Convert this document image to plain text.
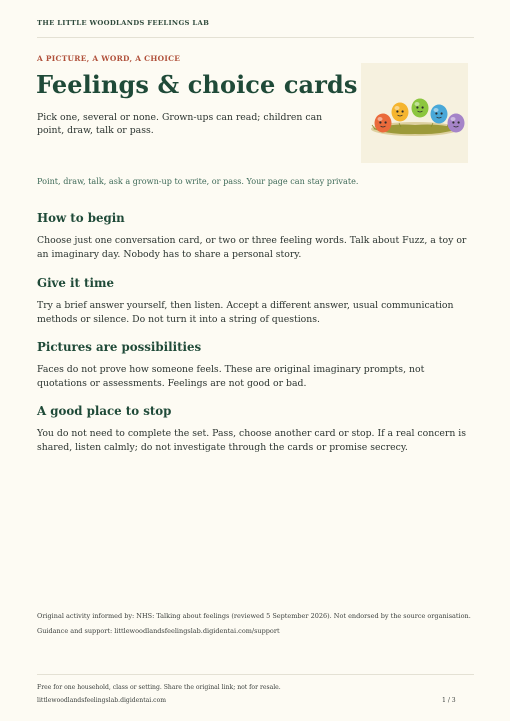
THE LITTLE WOODLANDS FEELINGS LAB
A PICTURE, A WORD, A CHOICE
Feelings & choice cards

Pick one, several or none. Grown-ups can read; children can point, draw, talk or pass.

Point, draw, talk, ask a grown-up to write, or pass. Your page can stay private.

How to begin

Choose just one conversation card, or two or three feeling words. Talk about Fuzz, a toy or an imaginary day. Nobody has to share a personal story.

Give it time

Try a brief answer yourself, then listen. Accept a different answer, usual communication methods or silence. Do not turn it into a string of questions.

Pictures are possibilities

Faces do not prove how someone feels. These are original imaginary prompts, not quotations or assessments. Feelings are not good or bad.

A good place to stop

You do not need to complete the set. Pass, choose another card or stop. If a real concern is shared, listen calmly; do not investigate through the cards or promise secrecy.

Original activity informed by: NHS: Talking about feelings (reviewed 5 September 2026). Not endorsed by the source organisation.

Guidance and support: littlewoodlandsfeelingslab.digidentai.com/support

Free for one household, class or setting. Share the original link; not for resale.

littlewoodlandsfeelingslab.digidentai.com	1 / 3
